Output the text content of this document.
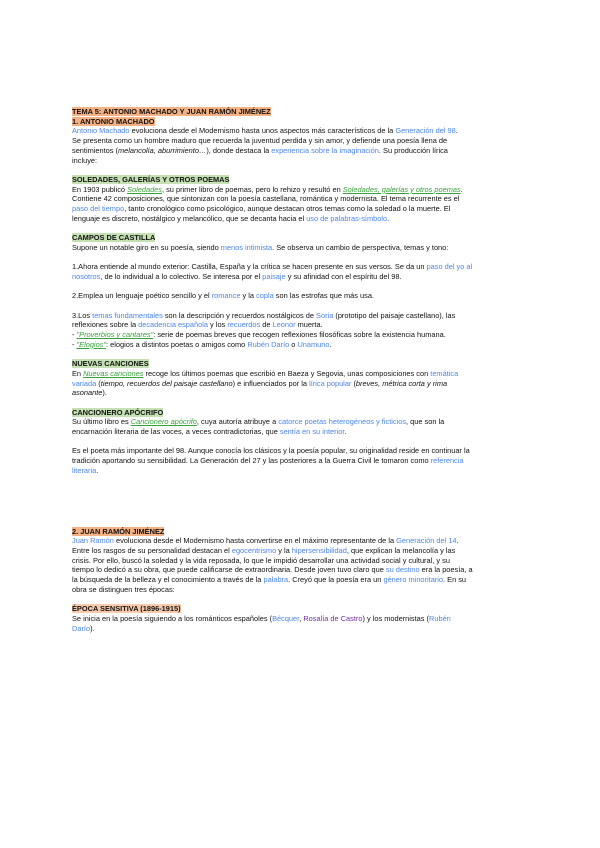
TEMA 5: ANTONIO MACHADO Y JUAN RAMÓN JIMÉNEZ

1. ANTONIO MACHADO

Antonio Machado evoluciona desde el Modernismo hasta unos aspectos más característicos de la Generación del 98.

Se presenta como un hombre maduro que recuerda la juventud perdida y sin amor, y defiende una poesía llena de sentimientos (melancolía, aburrimiento…), donde destaca la experiencia sobre la imaginación. Su producción lírica incluye:

SOLEDADES, GALERÍAS Y OTROS POEMAS

En 1903 publicó Soledades, su primer libro de poemas, pero lo rehizo y resultó en Soledades, galerías y otros poemas. Contiene 42 composiciones, que sintonizan con la poesía castellana, romántica y modernista. El tema recurrente es el paso del tiempo, tanto cronológico como psicológico, aunque destacan otros temas como la soledad o la muerte. El lenguaje es discreto, nostálgico y melancólico, que se decanta hacia el uso de palabras-símbolo.

CAMPOS DE CASTILLA

Supone un notable giro en su poesía, siendo menos intimista. Se observa un cambio de perspectiva, temas y tono:

1.Ahora entiende al mundo exterior: Castilla, España y la crítica se hacen presente en sus versos. Se da un paso del yo al nosotros, de lo individual a lo colectivo. Se interesa por el paisaje y su afinidad con el espíritu del 98.

2.Emplea un lenguaje poético sencillo y el romance y la copla son las estrofas que más usa.

3.Los temas fundamentales son la descripción y recuerdos nostálgicos de Soria (prototipo del paisaje castellano), las reflexiones sobre la decadencia española y los recuerdos de Leonor muerta.

- "Proverbios y cantares": serie de poemas breves que recogen reflexiones filosóficas sobre la existencia humana.

- "Elogios": elogios a distintos poetas o amigos como Rubén Darío o Unamuno.

NUEVAS CANCIONES

En Nuevas canciones recoge los últimos poemas que escribió en Baeza y Segovia, unas composiciones con temática variada (tiempo, recuerdos del paisaje castellano) e influenciados por la lírica popular (breves, métrica corta y rima asonante).

CANCIONERO APÓCRIFO

Su último libro es Cancionero apócrifo, cuya autoría atribuye a catorce poetas heterogéneos y ficticios, que son la encarnación literaria de las voces, a veces contradictorias, que sentía en su interior.

Es el poeta más importante del 98. Aunque conocía los clásicos y la poesía popular, su originalidad reside en continuar la tradición aportando su sensibilidad. La Generación del 27 y las posteriores a la Guerra Civil le tomaron como referencia literaria.

2. JUAN RAMÓN JIMÉNEZ

Juan Ramón evoluciona desde el Modernismo hasta convertirse en el máximo representante de la Generación del 14.

Entre los rasgos de su personalidad destacan el egocentrismo y la hipersensibilidad, que explican la melancolía y las crisis. Por ello, buscó la soledad y la vida reposada, lo que le impidió desarrollar una actividad social y cultural, y su tiempo lo dedicó a su obra, que puede calificarse de extraordinaria. Desde joven tuvo claro que su destino era la poesía, a la búsqueda de la belleza y el conocimiento a través de la palabra. Creyó que la poesía era un género minoritario. En su obra se distinguen tres épocas:

ÉPOCA SENSITIVA (1896-1915)

Se inicia en la poesía siguiendo a los románticos españoles (Bécquer, Rosalía de Castro) y los modernistas (Rubén Darío).
